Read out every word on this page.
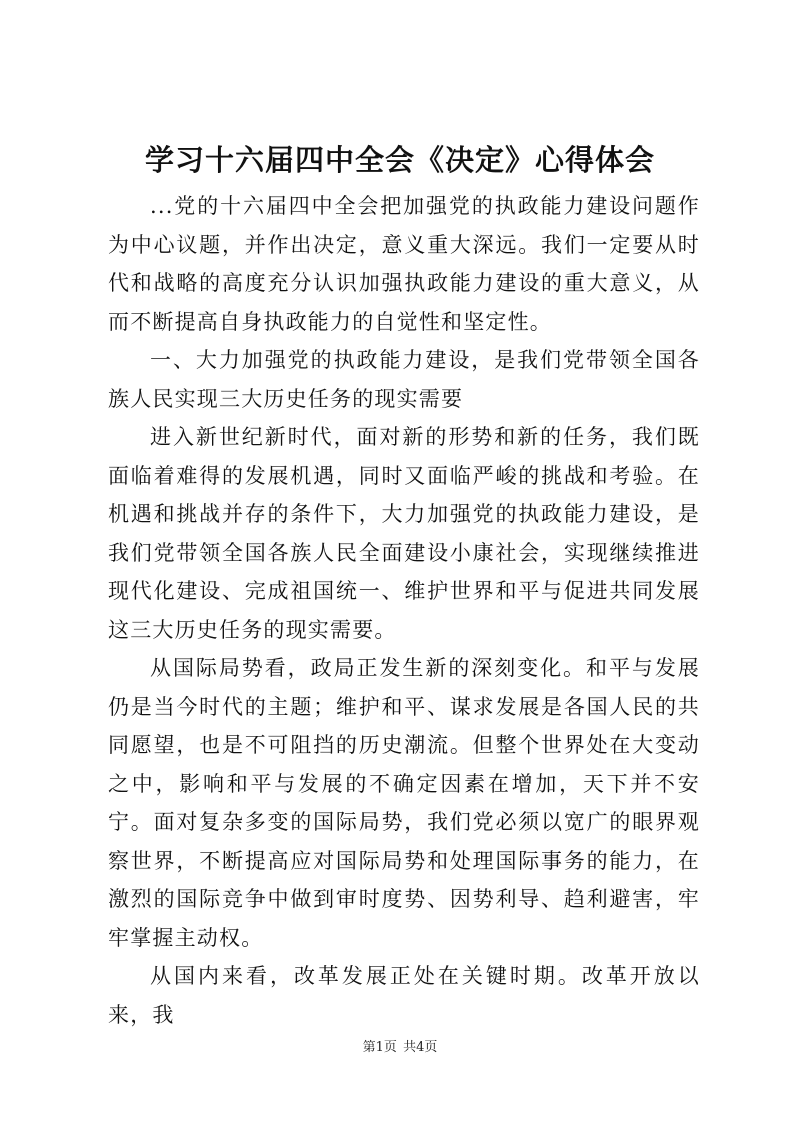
学习十六届四中全会《决定》心得体会

...党的十六届四中全会把加强党的执政能力建设问题作为中心议题，并作出决定，意义重大深远。我们一定要从时代和战略的高度充分认识加强执政能力建设的重大意义，从而不断提高自身执政能力的自觉性和坚定性。

一、大力加强党的执政能力建设，是我们党带领全国各族人民实现三大历史任务的现实需要

进入新世纪新时代，面对新的形势和新的任务，我们既面临着难得的发展机遇，同时又面临严峻的挑战和考验。在机遇和挑战并存的条件下，大力加强党的执政能力建设，是我们党带领全国各族人民全面建设小康社会，实现继续推进现代化建设、完成祖国统一、维护世界和平与促进共同发展这三大历史任务的现实需要。

从国际局势看，政局正发生新的深刻变化。和平与发展仍是当今时代的主题；维护和平、谋求发展是各国人民的共同愿望，也是不可阻挡的历史潮流。但整个世界处在大变动之中，影响和平与发展的不确定因素在增加，天下并不安宁。面对复杂多变的国际局势，我们党必须以宽广的眼界观察世界，不断提高应对国际局势和处理国际事务的能力，在激烈的国际竞争中做到审时度势、因势利导、趋利避害，牢牢掌握主动权。

从国内来看，改革发展正处在关键时期。改革开放以来，我

第1页 共4页
